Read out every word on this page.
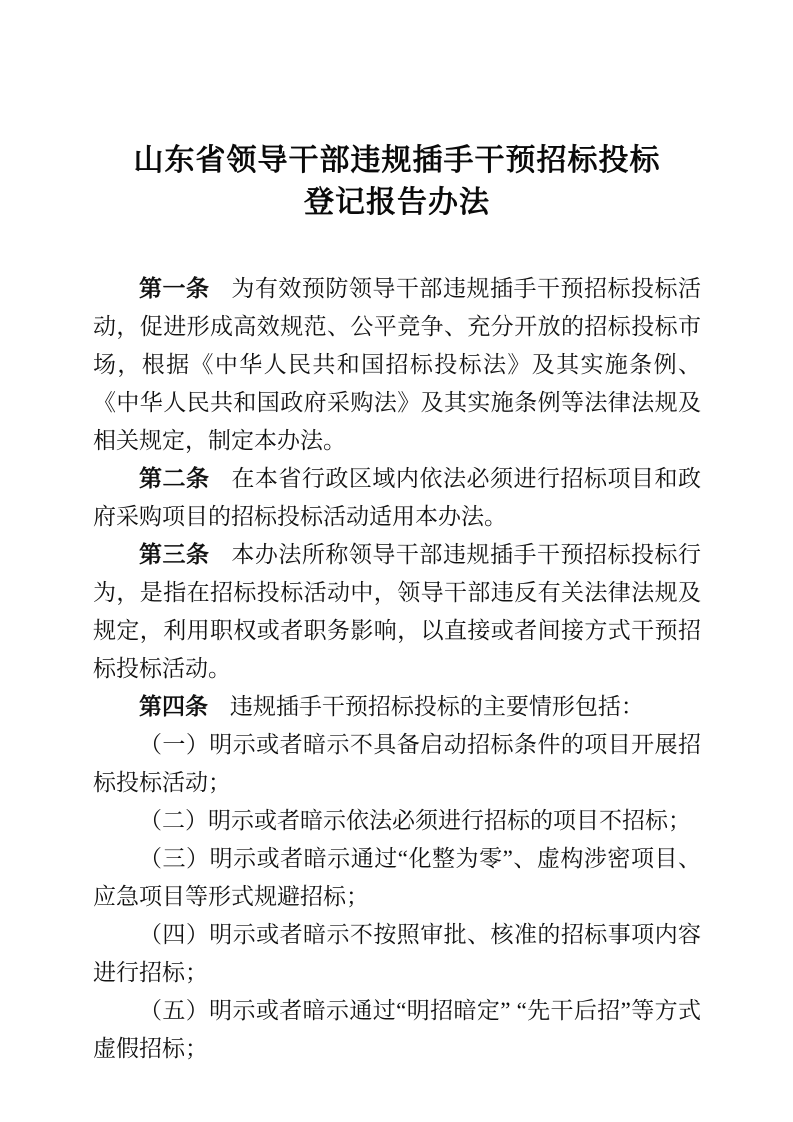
山东省领导干部违规插手干预招标投标
登记报告办法

第一条 为有效预防领导干部违规插手干预招标投标活动，促进形成高效规范、公平竞争、充分开放的招标投标市场，根据《中华人民共和国招标投标法》及其实施条例、《中华人民共和国政府采购法》及其实施条例等法律法规及相关规定，制定本办法。

第二条 在本省行政区域内依法必须进行招标项目和政府采购项目的招标投标活动适用本办法。

第三条 本办法所称领导干部违规插手干预招标投标行为，是指在招标投标活动中，领导干部违反有关法律法规及规定，利用职权或者职务影响，以直接或者间接方式干预招标投标活动。

第四条 违规插手干预招标投标的主要情形包括：

（一）明示或者暗示不具备启动招标条件的项目开展招标投标活动；

（二）明示或者暗示依法必须进行招标的项目不招标；

（三）明示或者暗示通过“化整为零”、虚构涉密项目、应急项目等形式规避招标；

（四）明示或者暗示不按照审批、核准的招标事项内容进行招标；

（五）明示或者暗示通过“明招暗定” “先干后招”等方式虚假招标；
